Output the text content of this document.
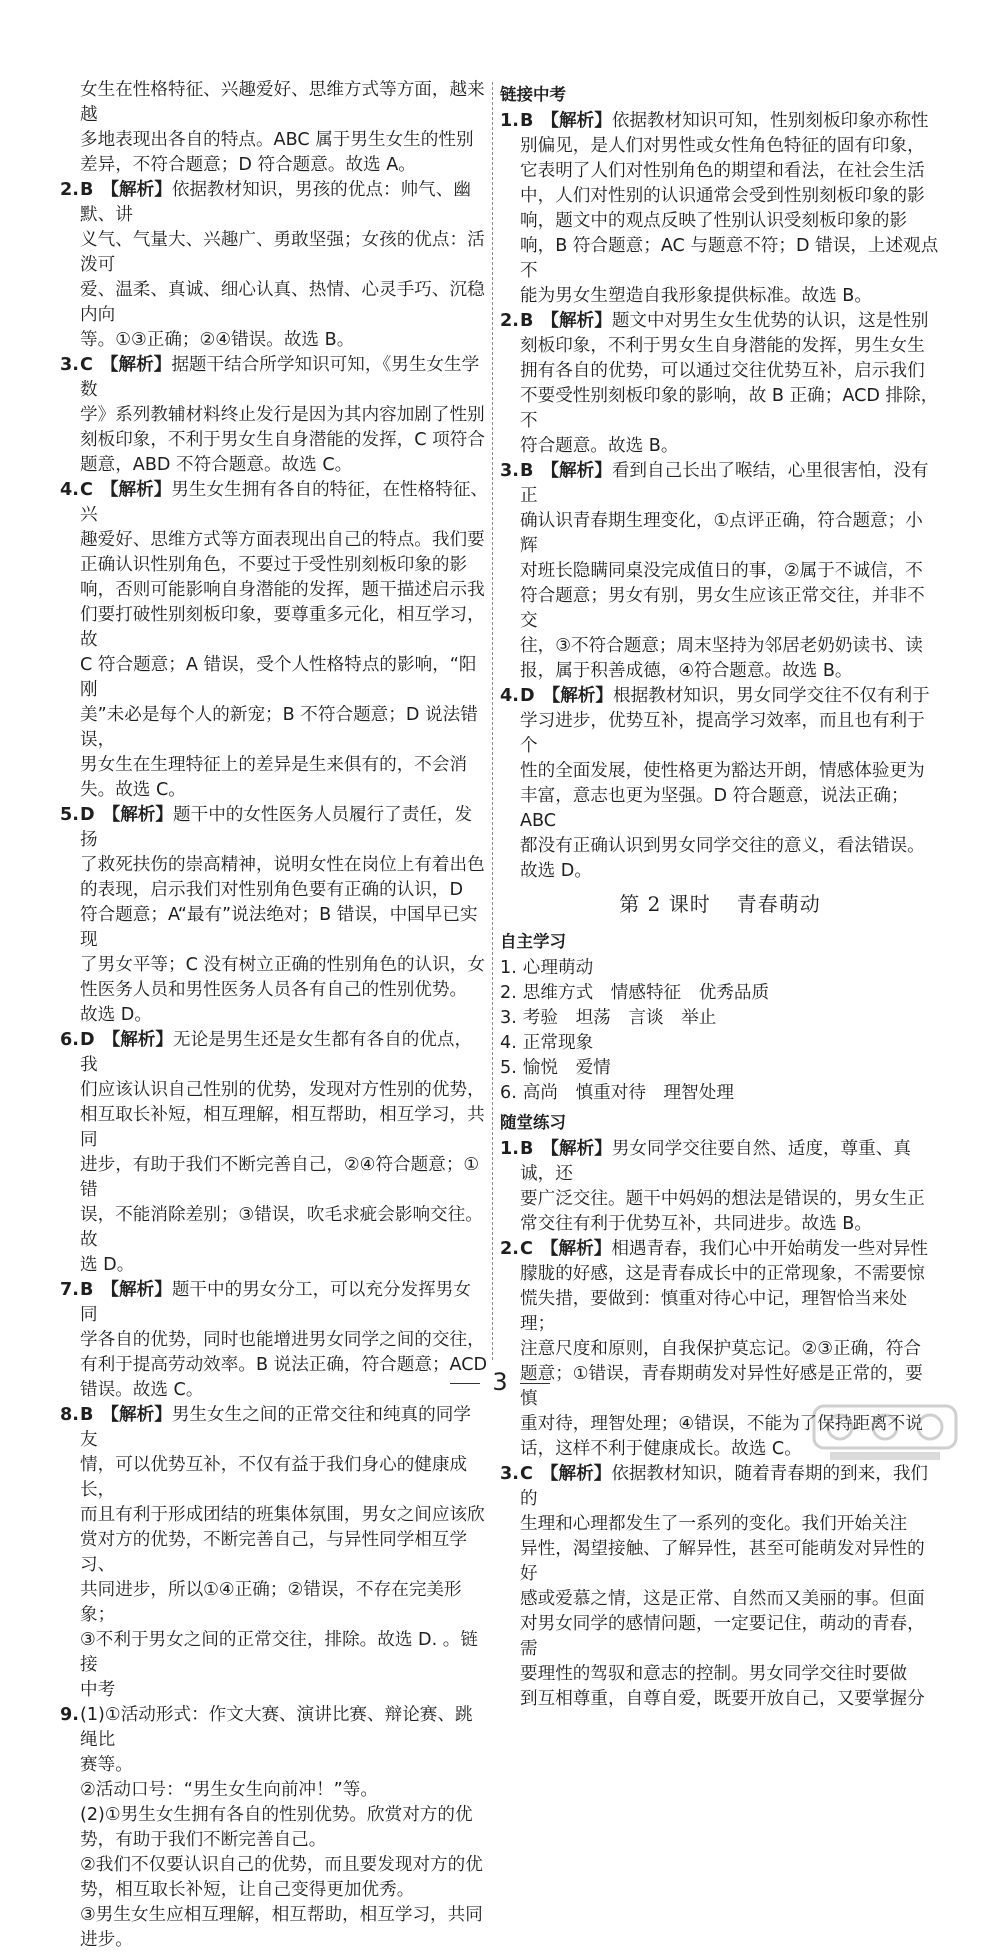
女生在性格特征、兴趣爱好、思维方式等方面，越来越
多地表现出各自的特点。ABC 属于男生女生的性别
差异，不符合题意；D 符合题意。故选 A。
2. B 【解析】依据教材知识，男孩的优点：帅气、幽默、讲
义气、气量大、兴趣广、勇敢坚强；女孩的优点：活泼可
爱、温柔、真诚、细心认真、热情、心灵手巧、沉稳内向
等。①③正确；②④错误。故选 B。
3. C 【解析】据题干结合所学知识可知，《男生女生学数
学》系列教辅材料终止发行是因为其内容加剧了性别
刻板印象，不利于男女生自身潜能的发挥，C 项符合
题意，ABD 不符合题意。故选 C。
4. C 【解析】男生女生拥有各自的特征，在性格特征、兴
趣爱好、思维方式等方面表现出自己的特点。我们要
正确认识性别角色，不要过于受性别刻板印象的影
响，否则可能影响自身潜能的发挥，题干描述启示我
们要打破性别刻板印象，要尊重多元化，相互学习，故
C 符合题意；A 错误，受个人性格特点的影响，“阳刚
美”未必是每个人的新宠；B 不符合题意；D 说法错误，
男女生在生理特征上的差异是生来俱有的，不会消
失。故选 C。
5. D 【解析】题干中的女性医务人员履行了责任，发扬
了救死扶伤的崇高精神，说明女性在岗位上有着出色
的表现，启示我们对性别角色要有正确的认识，D
符合题意；A“最有”说法绝对；B 错误，中国早已实现
了男女平等；C 没有树立正确的性别角色的认识，女
性医务人员和男性医务人员各有自己的性别优势。
故选 D。
6. D 【解析】无论是男生还是女生都有各自的优点，我
们应该认识自己性别的优势，发现对方性别的优势，
相互取长补短，相互理解，相互帮助，相互学习，共同
进步，有助于我们不断完善自己，②④符合题意；①错
误，不能消除差别；③错误，吹毛求疵会影响交往。故
选 D。
7. B 【解析】题干中的男女分工，可以充分发挥男女同
学各自的优势，同时也能增进男女同学之间的交往，
有利于提高劳动效率。B 说法正确，符合题意；ACD
错误。故选 C。
8. B 【解析】男生女生之间的正常交往和纯真的同学友
情，可以优势互补，不仅有益于我们身心的健康成长，
而且有利于形成团结的班集体氛围，男女之间应该欣
赏对方的优势，不断完善自己，与异性同学相互学习、
共同进步，所以①④正确；②错误，不存在完美形象；
③不利于男女之间的正常交往，排除。故选 D. 。链接
中考
9. (1)①活动形式：作文大赛、演讲比赛、辩论赛、跳绳比
赛等。
②活动口号：“男生女生向前冲！”等。
(2)①男生女生拥有各自的性别优势。欣赏对方的优
势，有助于我们不断完善自己。
②我们不仅要认识自己的优势，而且要发现对方的优
势，相互取长补短，让自己变得更加优秀。
③男生女生应相互理解，相互帮助，相互学习，共同
进步。
链接中考
1. B 【解析】依据教材知识可知，性别刻板印象亦称性
别偏见，是人们对男性或女性角色特征的固有印象，
它表明了人们对性别角色的期望和看法，在社会生活
中，人们对性别的认识通常会受到性别刻板印象的影
响，题文中的观点反映了性别认识受刻板印象的影
响，B 符合题意；AC 与题意不符；D 错误，上述观点不
能为男女生塑造自我形象提供标准。故选 B。
2. B 【解析】题文中对男生女生优势的认识，这是性别
刻板印象，不利于男女生自身潜能的发挥，男生女生
拥有各自的优势，可以通过交往优势互补，启示我们
不要受性别刻板印象的影响，故 B 正确；ACD 排除，不
符合题意。故选 B。
3. B 【解析】看到自己长出了喉结，心里很害怕，没有正
确认识青春期生理变化，①点评正确，符合题意；小辉
对班长隐瞒同桌没完成值日的事，②属于不诚信，不
符合题意；男女有别，男女生应该正常交往，并非不交
往，③不符合题意；周末坚持为邻居老奶奶读书、读
报，属于积善成德，④符合题意。故选 B。
4. D 【解析】根据教材知识，男女同学交往不仅有利于
学习进步，优势互补，提高学习效率，而且也有利于个
性的全面发展，使性格更为豁达开朗，情感体验更为
丰富，意志也更为坚强。D 符合题意，说法正确；ABC
都没有正确认识到男女同学交往的意义，看法错误。
故选 D。
第 2 课时 青春萌动
自主学习
1. 心理萌动
2. 思维方式　情感特征　优秀品质
3. 考验　坦荡　言谈　举止
4. 正常现象
5. 愉悦　爱情
6. 高尚　慎重对待　理智处理
随堂练习
1. B 【解析】男女同学交往要自然、适度，尊重、真诚，还
要广泛交往。题干中妈妈的想法是错误的，男女生正
常交往有利于优势互补，共同进步。故选 B。
2. C 【解析】相遇青春，我们心中开始萌发一些对异性
朦胧的好感，这是青春成长中的正常现象，不需要惊
慌失措，要做到：慎重对待心中记，理智恰当来处理；
注意尺度和原则，自我保护莫忘记。②③正确，符合
题意；①错误，青春期萌发对异性好感是正常的，要慎
重对待，理智处理；④错误，不能为了保持距离不说
话，这样不利于健康成长。故选 C。
3. C 【解析】依据教材知识，随着青春期的到来，我们的
生理和心理都发生了一系列的变化。我们开始关注
异性，渴望接触、了解异性，甚至可能萌发对异性的好
感或爱慕之情，这是正常、自然而又美丽的事。但面
对男女同学的感情问题，一定要记住，萌动的青春，需
要理性的驾驭和意志的控制。男女同学交往时要做
到互相尊重，自尊自爱，既要开放自己，又要掌握分
3
